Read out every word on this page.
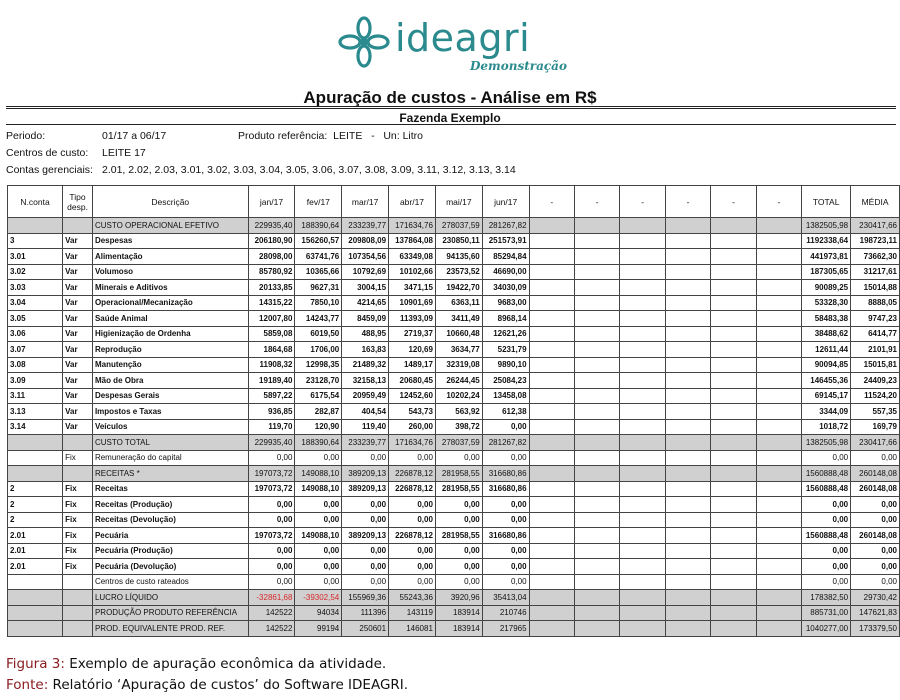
ideagri
Demonstração
Apuração de custos - Análise em R$
Fazenda Exemplo
Periodo:	01/17 a 06/17	Produto referência: LEITE   -   Un: Litro
Centros de custo: LEITE 17
Contas gerenciais: 2.01, 2.02, 2.03, 3.01, 3.02, 3.03, 3.04, 3.05, 3.06, 3.07, 3.08, 3.09, 3.11, 3.12, 3.13, 3.14
N.conta	Tipo desp.	Descrição	jan/17	fev/17	mar/17	abr/17	mai/17	jun/17	-	-	-	-	-	-	TOTAL	MÉDIA
		CUSTO OPERACIONAL EFETIVO	229935,40	188390,64	233239,77	171634,76	278037,59	281267,82							1382505,98	230417,66
3	Var	Despesas	206180,90	156260,57	209808,09	137864,08	230850,11	251573,91							1192338,64	198723,11
3.01	Var	Alimentação	28098,00	63741,76	107354,56	63349,08	94135,60	85294,84							441973,81	73662,30
3.02	Var	Volumoso	85780,92	10365,66	10792,69	10102,66	23573,52	46690,00							187305,65	31217,61
3.03	Var	Minerais e Aditivos	20133,85	9627,31	3004,15	3471,15	19422,70	34030,09							90089,25	15014,88
3.04	Var	Operacional/Mecanização	14315,22	7850,10	4214,65	10901,69	6363,11	9683,00							53328,30	8888,05
3.05	Var	Saúde Animal	12007,80	14243,77	8459,09	11393,09	3411,49	8968,14							58483,38	9747,23
3.06	Var	Higienização de Ordenha	5859,08	6019,50	488,95	2719,37	10660,48	12621,26							38488,62	6414,77
3.07	Var	Reprodução	1864,68	1706,00	163,83	120,69	3634,77	5231,79							12611,44	2101,91
3.08	Var	Manutenção	11908,32	12998,35	21489,32	1489,17	32319,08	9890,10							90094,85	15015,81
3.09	Var	Mão de Obra	19189,40	23128,70	32158,13	20680,45	26244,45	25084,23							146455,36	24409,23
3.11	Var	Despesas Gerais	5897,22	6175,54	20959,49	12452,60	10202,24	13458,08							69145,17	11524,20
3.13	Var	Impostos e Taxas	936,85	282,87	404,54	543,73	563,92	612,38							3344,09	557,35
3.14	Var	Veículos	119,70	120,90	119,40	260,00	398,72	0,00							1018,72	169,79
		CUSTO TOTAL	229935,40	188390,64	233239,77	171634,76	278037,59	281267,82							1382505,98	230417,66
	Fix	Remuneração do capital	0,00	0,00	0,00	0,00	0,00	0,00							0,00	0,00
		RECEITAS *	197073,72	149088,10	389209,13	226878,12	281958,55	316680,86							1560888,48	260148,08
2	Fix	Receitas	197073,72	149088,10	389209,13	226878,12	281958,55	316680,86							1560888,48	260148,08
2	Fix	Receitas (Produção)	0,00	0,00	0,00	0,00	0,00	0,00							0,00	0,00
2	Fix	Receitas (Devolução)	0,00	0,00	0,00	0,00	0,00	0,00							0,00	0,00
2.01	Fix	Pecuária	197073,72	149088,10	389209,13	226878,12	281958,55	316680,86							1560888,48	260148,08
2.01	Fix	Pecuária (Produção)	0,00	0,00	0,00	0,00	0,00	0,00							0,00	0,00
2.01	Fix	Pecuária (Devolução)	0,00	0,00	0,00	0,00	0,00	0,00							0,00	0,00
		Centros de custo rateados	0,00	0,00	0,00	0,00	0,00	0,00							0,00	0,00
		LUCRO LÍQUIDO	-32861,68	-39302,54	155969,36	55243,36	3920,96	35413,04							178382,50	29730,42
		PRODUÇÃO PRODUTO REFERÊNCIA	142522	94034	111396	143119	183914	210746							885731,00	147621,83
		PROD. EQUIVALENTE PROD. REF.	142522	99194	250601	146081	183914	217965							1040277,00	173379,50
Figura 3: Exemplo de apuração econômica da atividade.
Fonte: Relatório ‘Apuração de custos’ do Software IDEAGRI.
